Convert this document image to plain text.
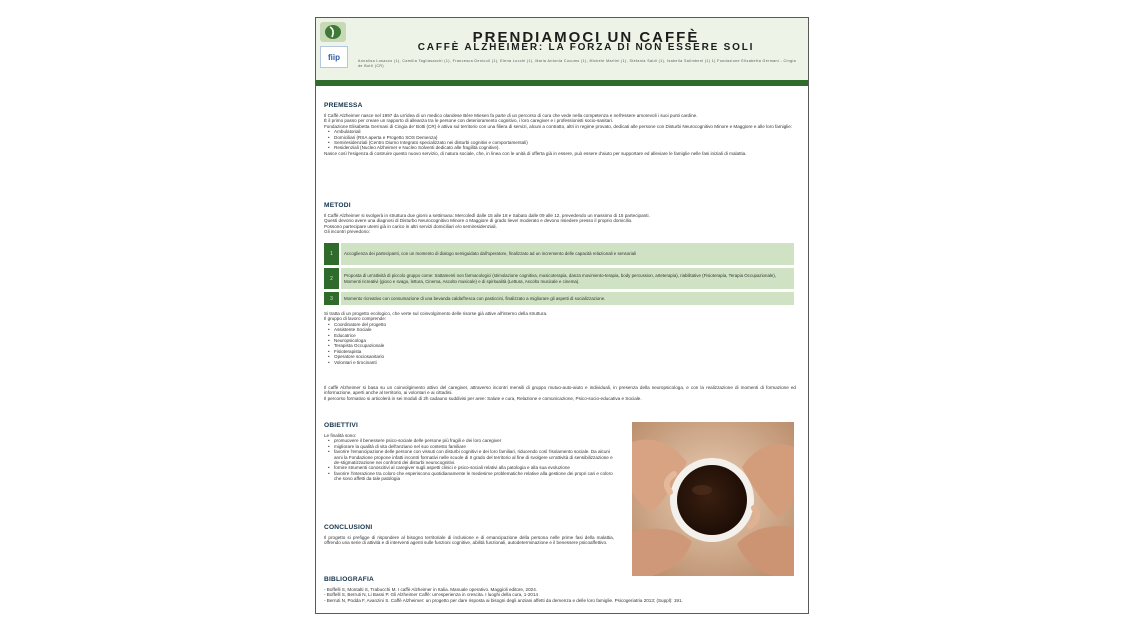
fiip
PRENDIAMOCI UN CAFFÈ
CAFFÈ ALZHEIMER: LA FORZA DI NON ESSERE SOLI
Annalisa Losacco (1), Camilla Tagliasacchi (1), Francesca Denicoli (1), Elena Lucchi (1), Maria Antonia Cucumo (1), Michele Martini (1), Stefania Saldi (1), Isabella Salimbeni (1) 1) Fondazione Elisabetta Germani - Cingia de Botti (CR)
PREMESSA
Il Caffè Alzheimer nasce nel 1997 da un'idea di un medico olandese Bère Miesen fa parte di un percorso di cura che vede nella competenza e nell'essere amorevoli i suoi punti cardine.
È il primo passo per creare un rapporto di alleanza tra le persone con deterioramento cognitivo, i loro caregiver e i professionisti socio-sanitari.
Fondazione Elisabetta Germani di Cingia de' Botti (CR) è attiva sul territorio con una filiera di servizi, alcuni a contratto, altri in regime provato, dedicati alle persone con Disturbi Neurocognitivo Minore e Maggiore e alle loro famiglie:
• Ambulatoriali
• Domiciliari (RSA aperta e Progetto SOS Demenza)
• Semiresidenziali (Centro Diurno Integrato specializzato nei disturbi cognitivi e comportamentali)
• Residenziali (Nucleo Alzheimer e Nucleo Solventi dedicato alle fragilità cognitive).
Nasce così l'esigenza di costruire questo nuovo servizio, di natura sociale, che, in linea con le unità di offerta già in essere, può essere d'aiuto per supportare ed alleviare le famiglie nelle fasi iniziali di malattia.
METODI
Il Caffè Alzheimer si svolgerà in struttura due giorni a settimana: Mercoledì dalle 15 alle 18 e Sabato dalle 09 alle 12, prevedendo un massimo di 15 partecipanti.
Questi devono avere una diagnosi di Disturbo Neurocognitivo Minore o Maggiore di grado lieve/ moderato e devono risiedere presso il proprio domicilio.
Possono partecipare utenti già in carico in altri servizi domiciliari e/o semiresidenziali.
Gli incontri prevedono:
1	Accoglienza dei partecipanti, con un momento di dialogo semiguidato dall'operatore, finalizzato ad un incremento delle capacità relazionali e sensoriali
2	Proposta di un'attività di piccolo gruppo come: trattamenti non farmacologici (stimolazione cognitiva, musicoterapia, danza movimento-terapia, body percussion, arteterapia), riabilitative (Fisioterapia, Terapia Occupazionale), Momenti ricreativi (gioco e svago, lettura, Cinema, Ascolto musicale) e di spiritualità (Lettura, Ascolto musicale e cinema).
3	Momento ricreativo con consumazione di una bevanda calda/fresca con pasticcini, finalizzato a migliorare gli aspetti di socializzazione.
Si tratta di un progetto ecologico, che verte sul coinvolgimento delle risorse già attive all'interno della struttura.
Il gruppo di lavoro comprende:
• Coordinatore del progetto
• Assistente Sociale
• Educatrice
• Neuropsicologa
• Terapista Occupazionale
• Fisioterapista
• Operatore sociosanitario
• Volontari e tirocinanti
Il caffè Alzheimer si basa su un coinvolgimento attivo del caregiver, attraverso incontri mensili di gruppo mutuo-auto-aiuto e individuali, in presenza della neuropsicologa, e con la realizzazione di momenti di formazione ed informazione, aperti anche al territorio, ai volontari e ai cittadini.
Il percorso formativo si articolerà in sei moduli di 2h cadauno suddivisi per aree: Salute e cura, Relazione e comunicazione, Psico-socio-educativa e Sociale.
OBIETTIVI
Le finalità sono:
• promuovere il benessere psico-sociale delle persone più fragili e dei loro caregiver
• migliorare la qualità di vita dell'anziano nel suo contesto familiare
• favorire l'emancipazione delle persone con vissuti con disturbi cognitivi e dei loro familiari, riducendo così l'isolamento sociale. Da alcuni anni la Fondazione propone infatti incontri formativi nelle scuole di II grado del territorio al fine di svolgere un'attività di sensibilizzazione e de-stigmatizzazione nei confronti dei disturbi neurocognitivi.
• fornire strumenti conoscitivi al caregiver sugli aspetti clinici e psico-sociali relativi alla patologia e alla sua evoluzione
• favorire l'interazione tra coloro che esperiscono quotidianamente le medesime problematiche relative alla gestione dei propri cari e coloro che sono affetti da tale patologia
CONCLUSIONI
Il progetto si prefigge di rispondere al bisogno territoriale di inclusione e di emancipazione della persona nelle prime fasi della malattia, offrendo una serie di attività e di interventi agenti sulle funzioni cognitive, abilità funzionali, autodeterminazione e il benessere psicoaffettivo.
BIBLIOGRAFIA
- Boffelli S, Montalti S, Trabucchi M. I caffè Alzheimer in Italia. Manuale operativo. Maggioli editore, 2024.
- Boffelli S, Berruti N, Li Bassi P. Gli Alzheimer Caffè: un'esperienza in crescita. I luoghi della cura, 1-2014
- Berruti N, Podda F, Avanzini S. Caffè Alzheimer: un progetto per dare risposta ai bisogni degli anziani affetti da demenza e delle loro famiglie. Psicogeriatria 2013; (Suppl): 191.
